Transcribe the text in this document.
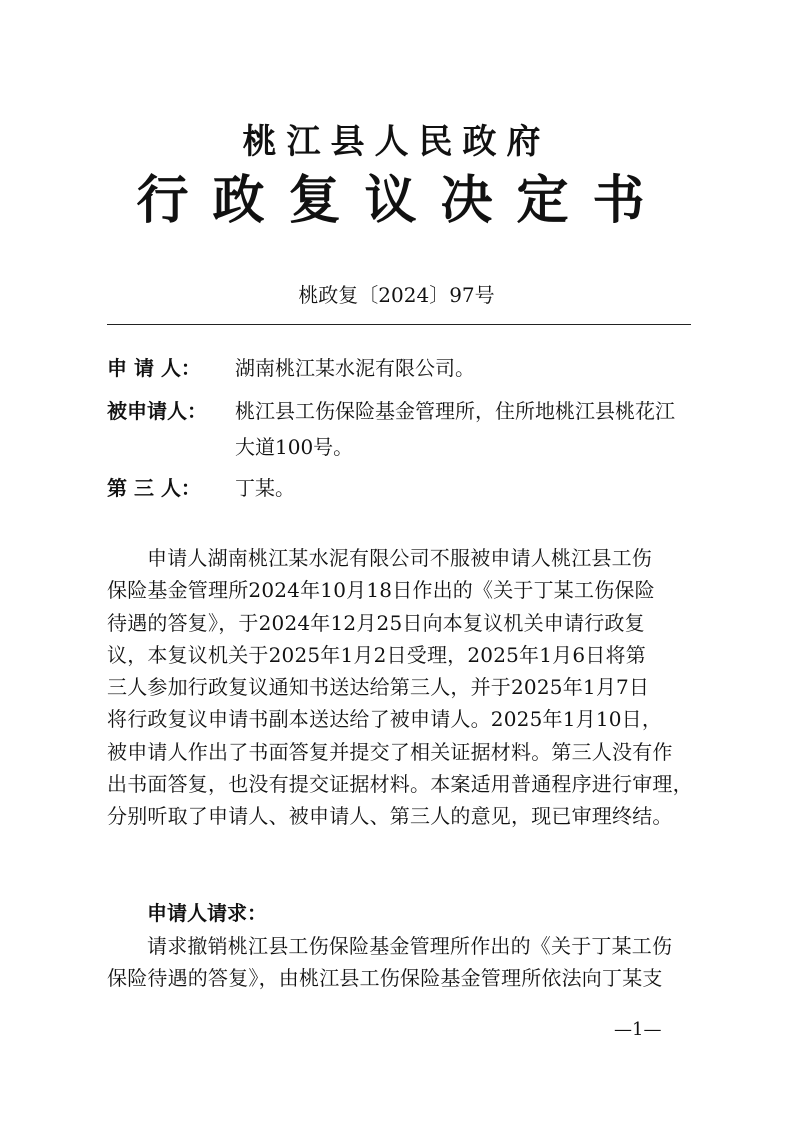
桃江县人民政府
行政复议决定书
桃政复〔2024〕97号
申 请 人：	湖南桃江某水泥有限公司。
被申请人：	桃江县工伤保险基金管理所，住所地桃江县桃花江
大道100号。
第 三 人：	丁某。
申请人湖南桃江某水泥有限公司不服被申请人桃江县工伤
保险基金管理所2024年10月18日作出的《关于丁某工伤保险
待遇的答复》，于2024年12月25日向本复议机关申请行政复
议，本复议机关于2025年1月2日受理，2025年1月6日将第
三人参加行政复议通知书送达给第三人，并于2025年1月7日
将行政复议申请书副本送达给了被申请人。2025年1月10日，
被申请人作出了书面答复并提交了相关证据材料。第三人没有作
出书面答复，也没有提交证据材料。本案适用普通程序进行审理，
分别听取了申请人、被申请人、第三人的意见，现已审理终结。
申请人请求：
请求撤销桃江县工伤保险基金管理所作出的《关于丁某工伤
保险待遇的答复》，由桃江县工伤保险基金管理所依法向丁某支
—1—
